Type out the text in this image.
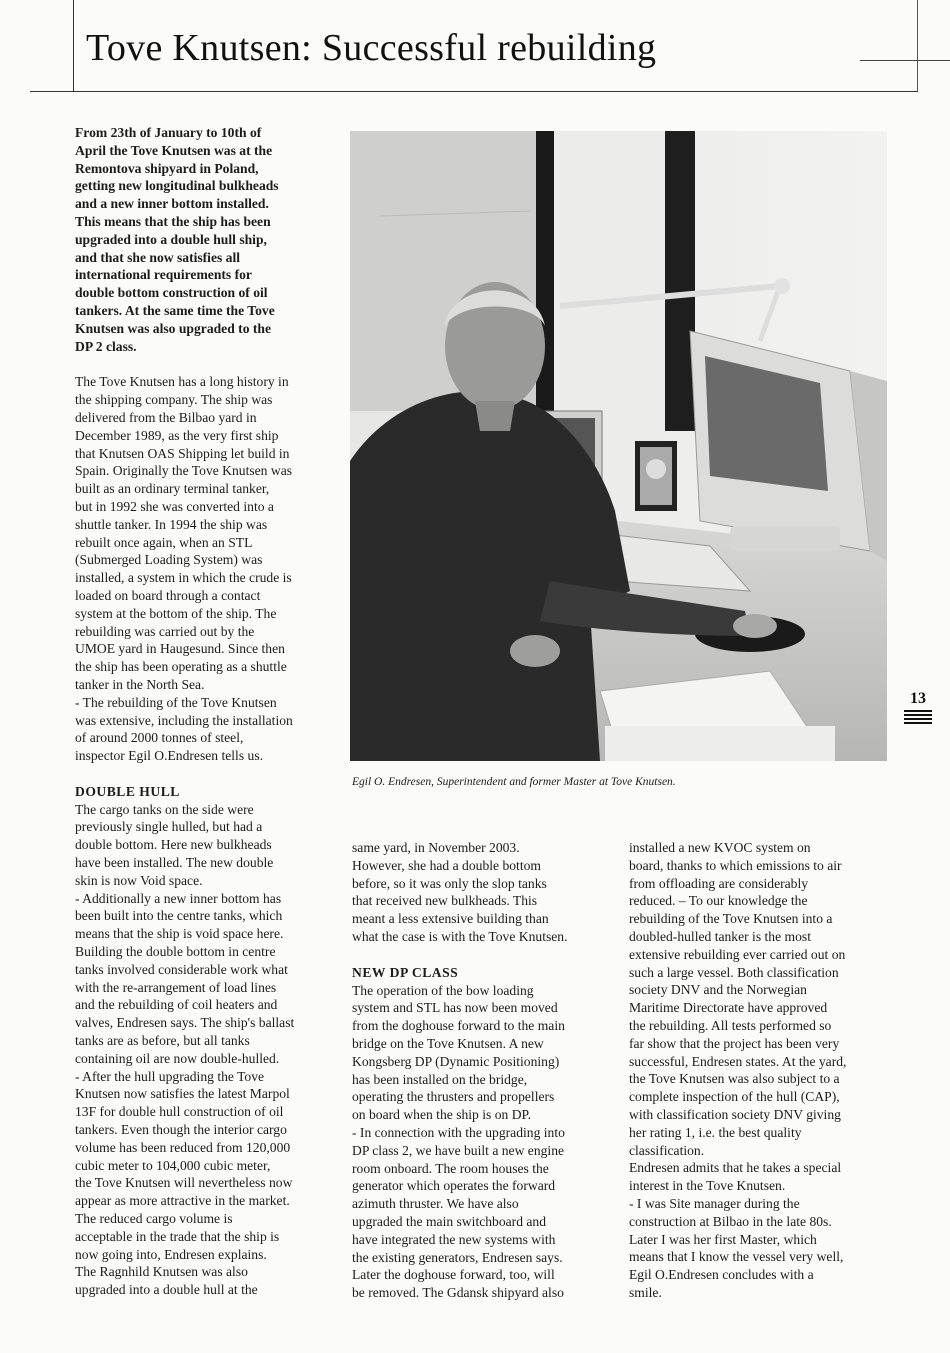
Tove Knutsen: Successful rebuilding

From 23th of January to 10th of
April the Tove Knutsen was at the
Remontova shipyard in Poland,
getting new longitudinal bulkheads
and a new inner bottom installed.
This means that the ship has been
upgraded into a double hull ship,
and that she now satisfies all
international requirements for
double bottom construction of oil
tankers. At the same time the Tove
Knutsen was also upgraded to the
DP 2 class.

The Tove Knutsen has a long history in
the shipping company. The ship was
delivered from the Bilbao yard in
December 1989, as the very first ship
that Knutsen OAS Shipping let build in
Spain. Originally the Tove Knutsen was
built as an ordinary terminal tanker,
but in 1992 she was converted into a
shuttle tanker. In 1994 the ship was
rebuilt once again, when an STL
(Submerged Loading System) was
installed, a system in which the crude is
loaded on board through a contact
system at the bottom of the ship. The
rebuilding was carried out by the
UMOE yard in Haugesund. Since then
the ship has been operating as a shuttle
tanker in the North Sea.
- The rebuilding of the Tove Knutsen
was extensive, including the installation
of around 2000 tonnes of steel,
inspector Egil O.Endresen tells us.

DOUBLE HULL

The cargo tanks on the side were
previously single hulled, but had a
double bottom. Here new bulkheads
have been installed. The new double
skin is now Void space.
- Additionally a new inner bottom has
been built into the centre tanks, which
means that the ship is void space here.
Building the double bottom in centre
tanks involved considerable work what
with the re-arrangement of load lines
and the rebuilding of coil heaters and
valves, Endresen says. The ship's ballast
tanks are as before, but all tanks
containing oil are now double-hulled.
- After the hull upgrading the Tove
Knutsen now satisfies the latest Marpol
13F for double hull construction of oil
tankers. Even though the interior cargo
volume has been reduced from 120,000
cubic meter to 104,000 cubic meter,
the Tove Knutsen will nevertheless now
appear as more attractive in the market.
The reduced cargo volume is
acceptable in the trade that the ship is
now going into, Endresen explains.
The Ragnhild Knutsen was also
upgraded into a double hull at the

Egil O. Endresen, Superintendent and former Master at Tove Knutsen.

same yard, in November 2003.
However, she had a double bottom
before, so it was only the slop tanks
that received new bulkheads. This
meant a less extensive building than
what the case is with the Tove Knutsen.

NEW DP CLASS

The operation of the bow loading
system and STL has now been moved
from the doghouse forward to the main
bridge on the Tove Knutsen. A new
Kongsberg DP (Dynamic Positioning)
has been installed on the bridge,
operating the thrusters and propellers
on board when the ship is on DP.
- In connection with the upgrading into
DP class 2, we have built a new engine
room onboard. The room houses the
generator which operates the forward
azimuth thruster. We have also
upgraded the main switchboard and
have integrated the new systems with
the existing generators, Endresen says.
Later the doghouse forward, too, will
be removed. The Gdansk shipyard also

installed a new KVOC system on
board, thanks to which emissions to air
from offloading are considerably
reduced. – To our knowledge the
rebuilding of the Tove Knutsen into a
doubled-hulled tanker is the most
extensive rebuilding ever carried out on
such a large vessel. Both classification
society DNV and the Norwegian
Maritime Directorate have approved
the rebuilding. All tests performed so
far show that the project has been very
successful, Endresen states. At the yard,
the Tove Knutsen was also subject to a
complete inspection of the hull (CAP),
with classification society DNV giving
her rating 1, i.e. the best quality
classification.
Endresen admits that he takes a special
interest in the Tove Knutsen.
- I was Site manager during the
construction at Bilbao in the late 80s.
Later I was her first Master, which
means that I know the vessel very well,
Egil O.Endresen concludes with a
smile.

13
